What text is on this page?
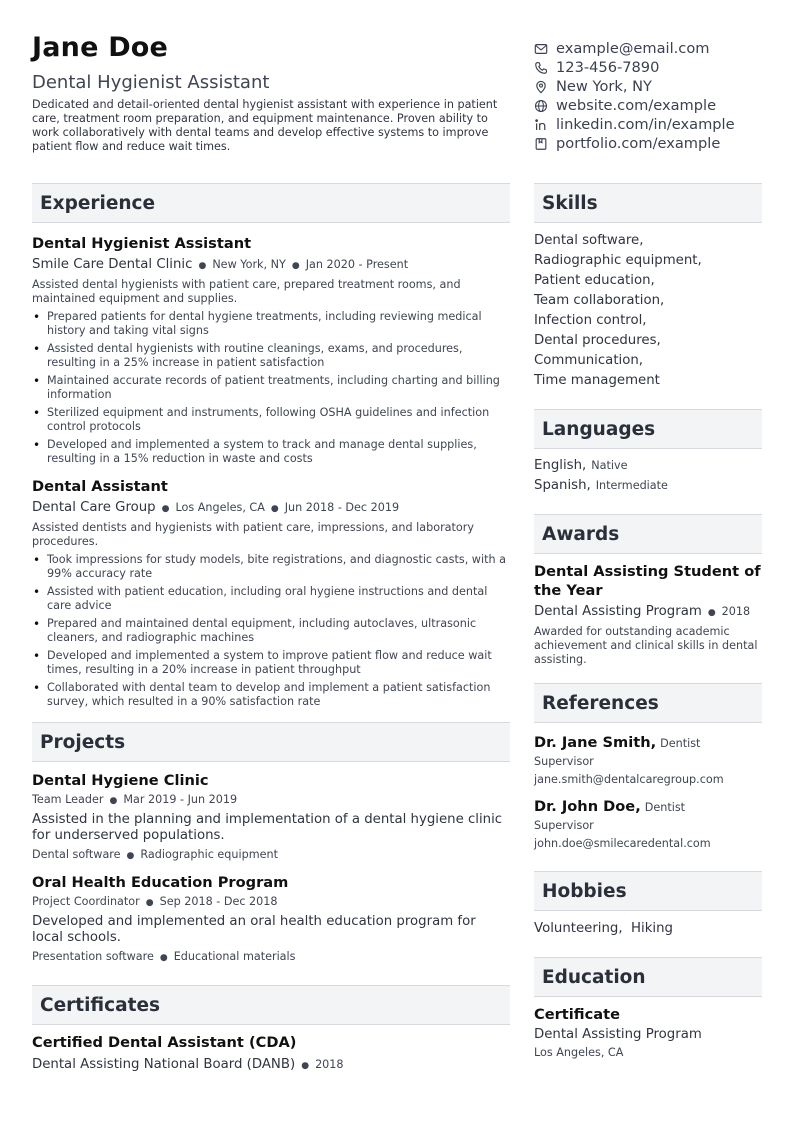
Jane Doe
Dental Hygienist Assistant
Dedicated and detail-oriented dental hygienist assistant with experience in patient care, treatment room preparation, and equipment maintenance. Proven ability to work collaboratively with dental teams and develop effective systems to improve patient flow and reduce wait times.
example@email.com
123-456-7890
New York, NY
website.com/example
linkedin.com/in/example
portfolio.com/example
Experience
Dental Hygienist Assistant
Smile Care Dental Clinic ● New York, NY ● Jan 2020 - Present
Assisted dental hygienists with patient care, prepared treatment rooms, and maintained equipment and supplies.
• Prepared patients for dental hygiene treatments, including reviewing medical history and taking vital signs
• Assisted dental hygienists with routine cleanings, exams, and procedures, resulting in a 25% increase in patient satisfaction
• Maintained accurate records of patient treatments, including charting and billing information
• Sterilized equipment and instruments, following OSHA guidelines and infection control protocols
• Developed and implemented a system to track and manage dental supplies, resulting in a 15% reduction in waste and costs
Dental Assistant
Dental Care Group ● Los Angeles, CA ● Jun 2018 - Dec 2019
Assisted dentists and hygienists with patient care, impressions, and laboratory procedures.
• Took impressions for study models, bite registrations, and diagnostic casts, with a 99% accuracy rate
• Assisted with patient education, including oral hygiene instructions and dental care advice
• Prepared and maintained dental equipment, including autoclaves, ultrasonic cleaners, and radiographic machines
• Developed and implemented a system to improve patient flow and reduce wait times, resulting in a 20% increase in patient throughput
• Collaborated with dental team to develop and implement a patient satisfaction survey, which resulted in a 90% satisfaction rate
Projects
Dental Hygiene Clinic
Team Leader ● Mar 2019 - Jun 2019
Assisted in the planning and implementation of a dental hygiene clinic for underserved populations.
Dental software ● Radiographic equipment
Oral Health Education Program
Project Coordinator ● Sep 2018 - Dec 2018
Developed and implemented an oral health education program for local schools.
Presentation software ● Educational materials
Certificates
Certified Dental Assistant (CDA)
Dental Assisting National Board (DANB) ● 2018
Skills
Dental software,
Radiographic equipment,
Patient education,
Team collaboration,
Infection control,
Dental procedures,
Communication,
Time management
Languages
English, Native
Spanish, Intermediate
Awards
Dental Assisting Student of the Year
Dental Assisting Program ● 2018
Awarded for outstanding academic achievement and clinical skills in dental assisting.
References
Dr. Jane Smith, Dentist
Supervisor
jane.smith@dentalcaregroup.com
Dr. John Doe, Dentist
Supervisor
john.doe@smilecaredental.com
Hobbies
Volunteering,  Hiking
Education
Certificate
Dental Assisting Program
Los Angeles, CA
